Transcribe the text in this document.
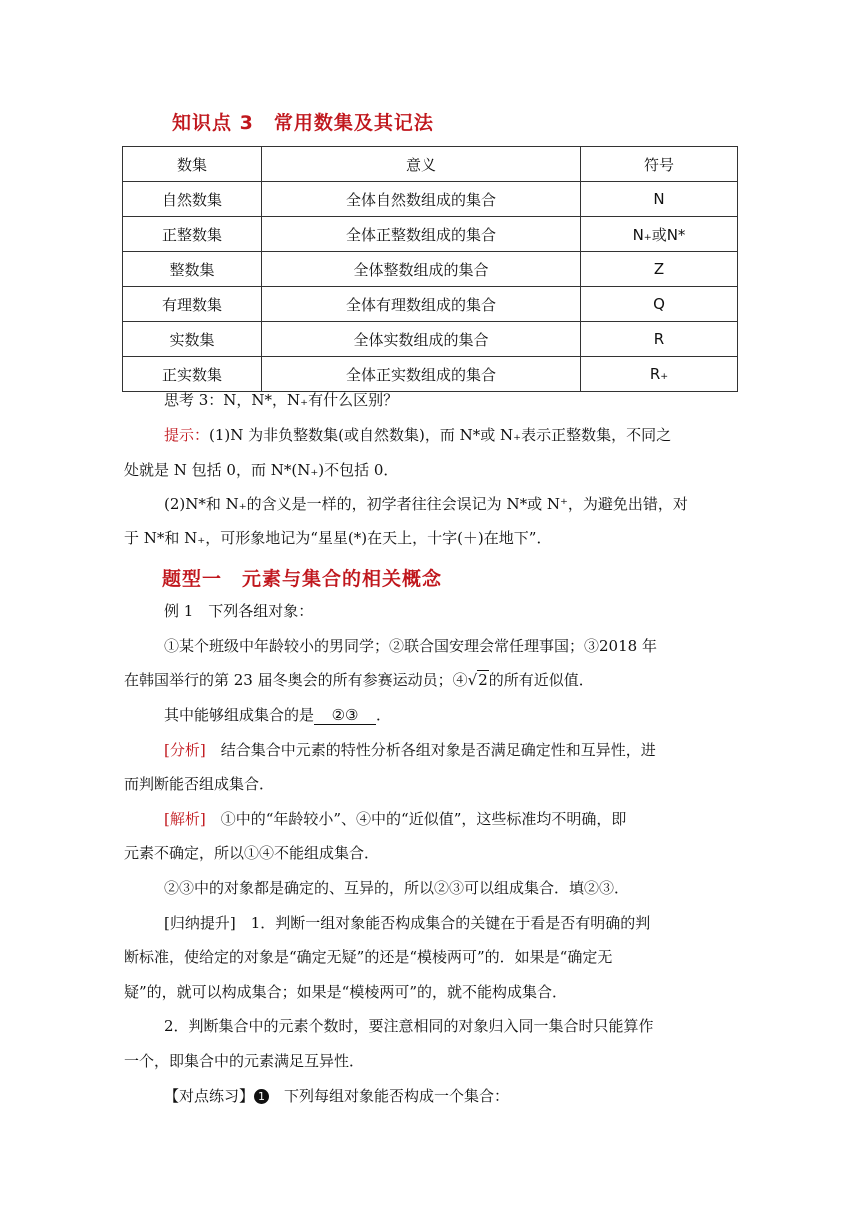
知识点 3　常用数集及其记法
数集	意义	符号
自然数集	全体自然数组成的集合	N
正整数集	全体正整数组成的集合	N₊或N*
整数集	全体整数组成的集合	Z
有理数集	全体有理数组成的集合	Q
实数集	全体实数组成的集合	R
正实数集	全体正实数组成的集合	R₊
思考 3：N，N*，N₊有什么区别？
提示：(1)N 为非负整数集(或自然数集)，而 N*或 N₊表示正整数集，不同之
处就是 N 包括 0，而 N*(N₊)不包括 0．
(2)N*和 N₊的含义是一样的，初学者往往会误记为 N*或 N⁺，为避免出错，对
于 N*和 N₊，可形象地记为“星星(*)在天上，十字(＋)在地下”．
题型一　元素与集合的相关概念
例 1　下列各组对象：
①某个班级中年龄较小的男同学；②联合国安理会常任理事国；③2018 年
在韩国举行的第 23 届冬奥会的所有参赛运动员；④√2的所有近似值．
其中能够组成集合的是 ②③ ．
[分析]　结合集合中元素的特性分析各组对象是否满足确定性和互异性，进
而判断能否组成集合．
[解析]　①中的“年龄较小”、④中的“近似值”，这些标准均不明确，即
元素不确定，所以①④不能组成集合．
②③中的对象都是确定的、互异的，所以②③可以组成集合．填②③．
[归纳提升]　1．判断一组对象能否构成集合的关键在于看是否有明确的判
断标准，使给定的对象是“确定无疑”的还是“模棱两可”的．如果是“确定无
疑”的，就可以构成集合；如果是“模棱两可”的，就不能构成集合．
2．判断集合中的元素个数时，要注意相同的对象归入同一集合时只能算作
一个，即集合中的元素满足互异性．
【对点练习】 1　下列每组对象能否构成一个集合：
